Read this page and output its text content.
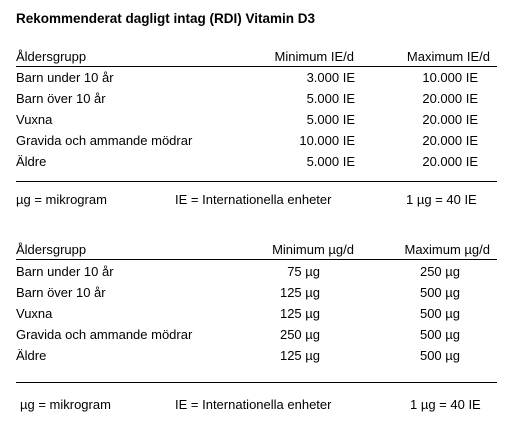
Rekommenderat dagligt intag (RDI) Vitamin D3
Åldersgrupp	Minimum IE/d	Maximum IE/d
Barn under 10 år	3.000 IE	10.000 IE
Barn över 10 år	5.000 IE	20.000 IE
Vuxna	5.000 IE	20.000 IE
Gravida och ammande mödrar	10.000 IE	20.000 IE
Äldre	5.000 IE	20.000 IE
µg = mikrogram	IE = Internationella enheter	1 µg = 40 IE
Åldersgrupp	Minimum µg/d	Maximum µg/d
Barn under 10 år	75 µg	250 µg
Barn över 10 år	125 µg	500 µg
Vuxna	125 µg	500 µg
Gravida och ammande mödrar	250 µg	500 µg
Äldre	125 µg	500 µg
µg = mikrogram	IE = Internationella enheter	1 µg = 40 IE
